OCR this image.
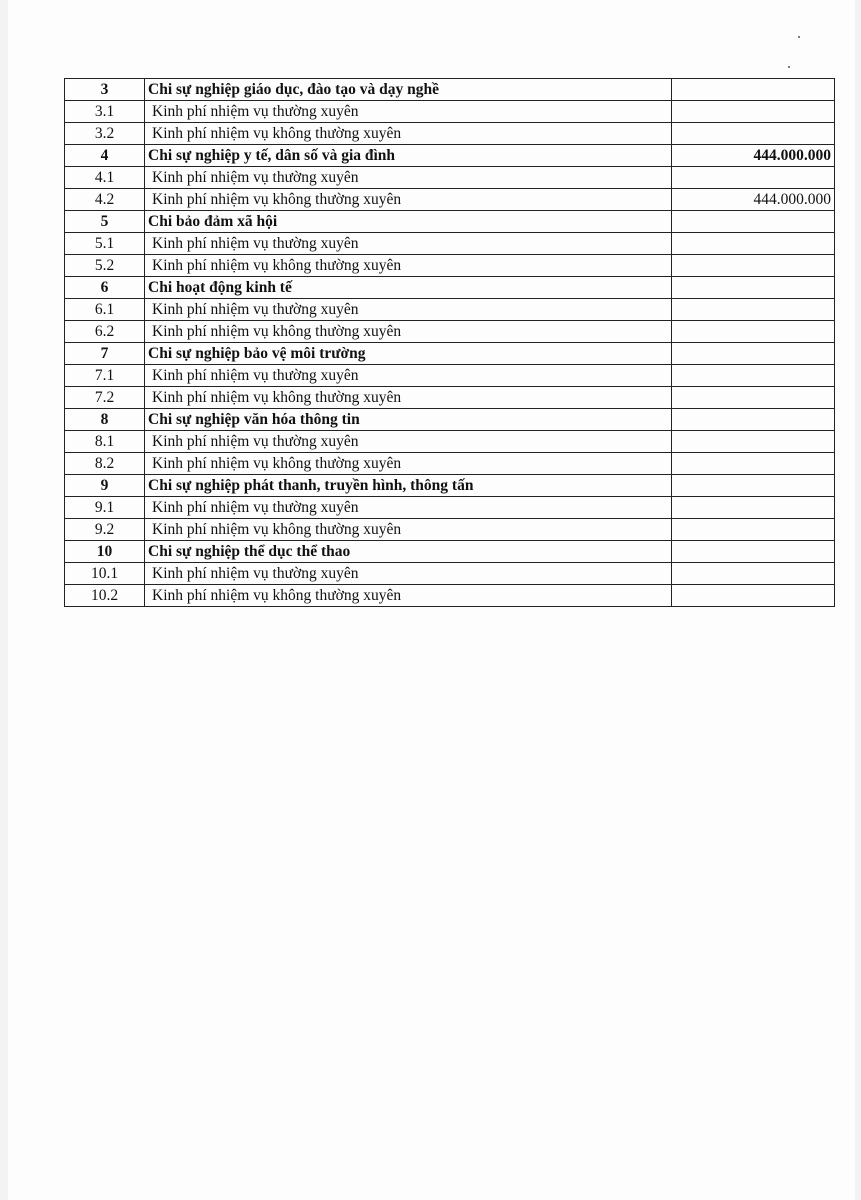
3	Chi sự nghiệp giáo dục, đào tạo và dạy nghề	
3.1	Kinh phí nhiệm vụ thường xuyên	
3.2	Kinh phí nhiệm vụ không thường xuyên	
4	Chi sự nghiệp y tế, dân số và gia đình	444.000.000
4.1	Kinh phí nhiệm vụ thường xuyên	
4.2	Kinh phí nhiệm vụ không thường xuyên	444.000.000
5	Chi bảo đảm xã hội	
5.1	Kinh phí nhiệm vụ thường xuyên	
5.2	Kinh phí nhiệm vụ không thường xuyên	
6	Chi hoạt động kinh tế	
6.1	Kinh phí nhiệm vụ thường xuyên	
6.2	Kinh phí nhiệm vụ không thường xuyên	
7	Chi sự nghiệp bảo vệ môi trường	
7.1	Kinh phí nhiệm vụ thường xuyên	
7.2	Kinh phí nhiệm vụ không thường xuyên	
8	Chi sự nghiệp văn hóa thông tin	
8.1	Kinh phí nhiệm vụ thường xuyên	
8.2	Kinh phí nhiệm vụ không thường xuyên	
9	Chi sự nghiệp phát thanh, truyền hình, thông tấn	
9.1	Kinh phí nhiệm vụ thường xuyên	
9.2	Kinh phí nhiệm vụ không thường xuyên	
10	Chi sự nghiệp thể dục thể thao	
10.1	Kinh phí nhiệm vụ thường xuyên	
10.2	Kinh phí nhiệm vụ không thường xuyên	
